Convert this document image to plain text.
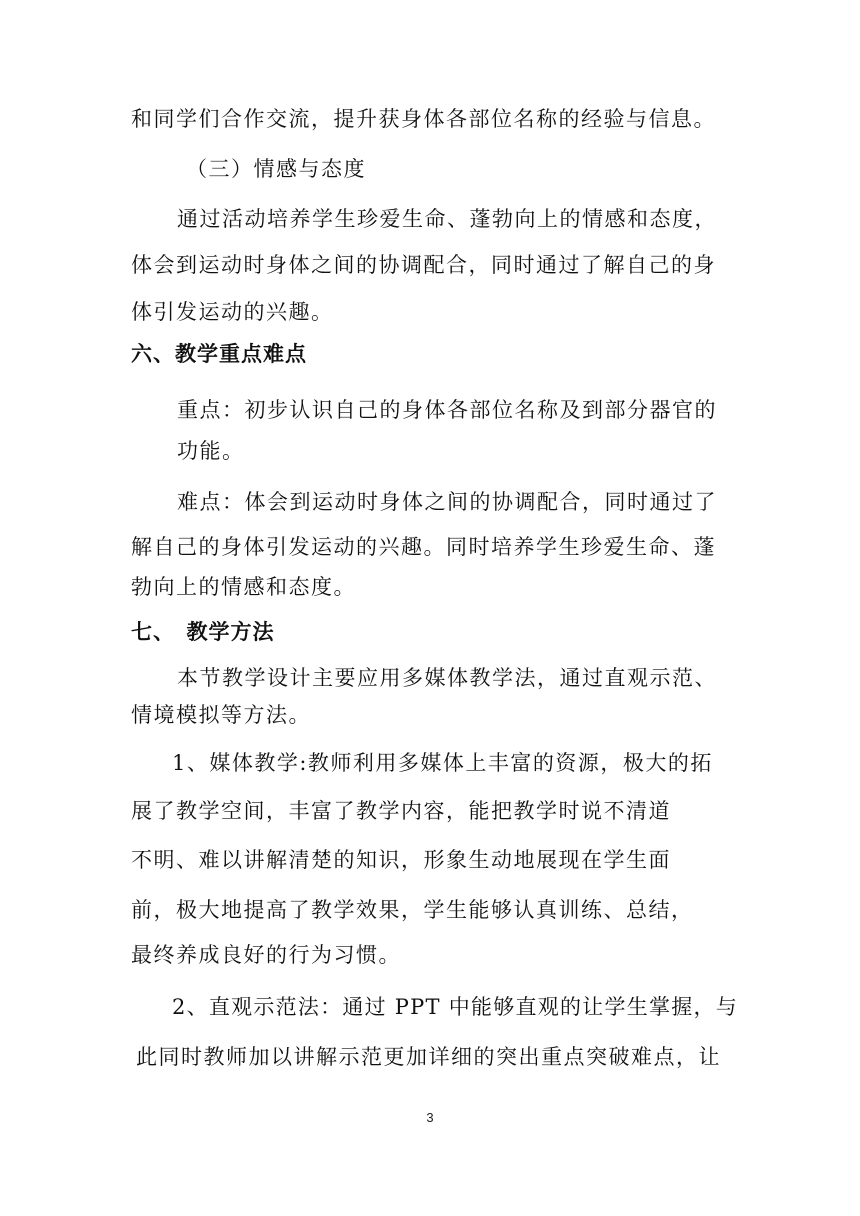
和同学们合作交流，提升获身体各部位名称的经验与信息。
（三）情感与态度
通过活动培养学生珍爱生命、蓬勃向上的情感和态度，
体会到运动时身体之间的协调配合，同时通过了解自己的身
体引发运动的兴趣。
六、教学重点难点
重点：初步认识自己的身体各部位名称及到部分器官的
功能。
难点：体会到运动时身体之间的协调配合，同时通过了
解自己的身体引发运动的兴趣。同时培养学生珍爱生命、蓬
勃向上的情感和态度。
七、　教学方法
本节教学设计主要应用多媒体教学法，通过直观示范、
情境模拟等方法。
1、媒体教学:教师利用多媒体上丰富的资源，极大的拓
展了教学空间，丰富了教学内容，能把教学时说不清道
不明、难以讲解清楚的知识，形象生动地展现在学生面
前，极大地提高了教学效果，学生能够认真训练、总结，
最终养成良好的行为习惯。
2、直观示范法：通过 PPT 中能够直观的让学生掌握，与
此同时教师加以讲解示范更加详细的突出重点突破难点，让
3
